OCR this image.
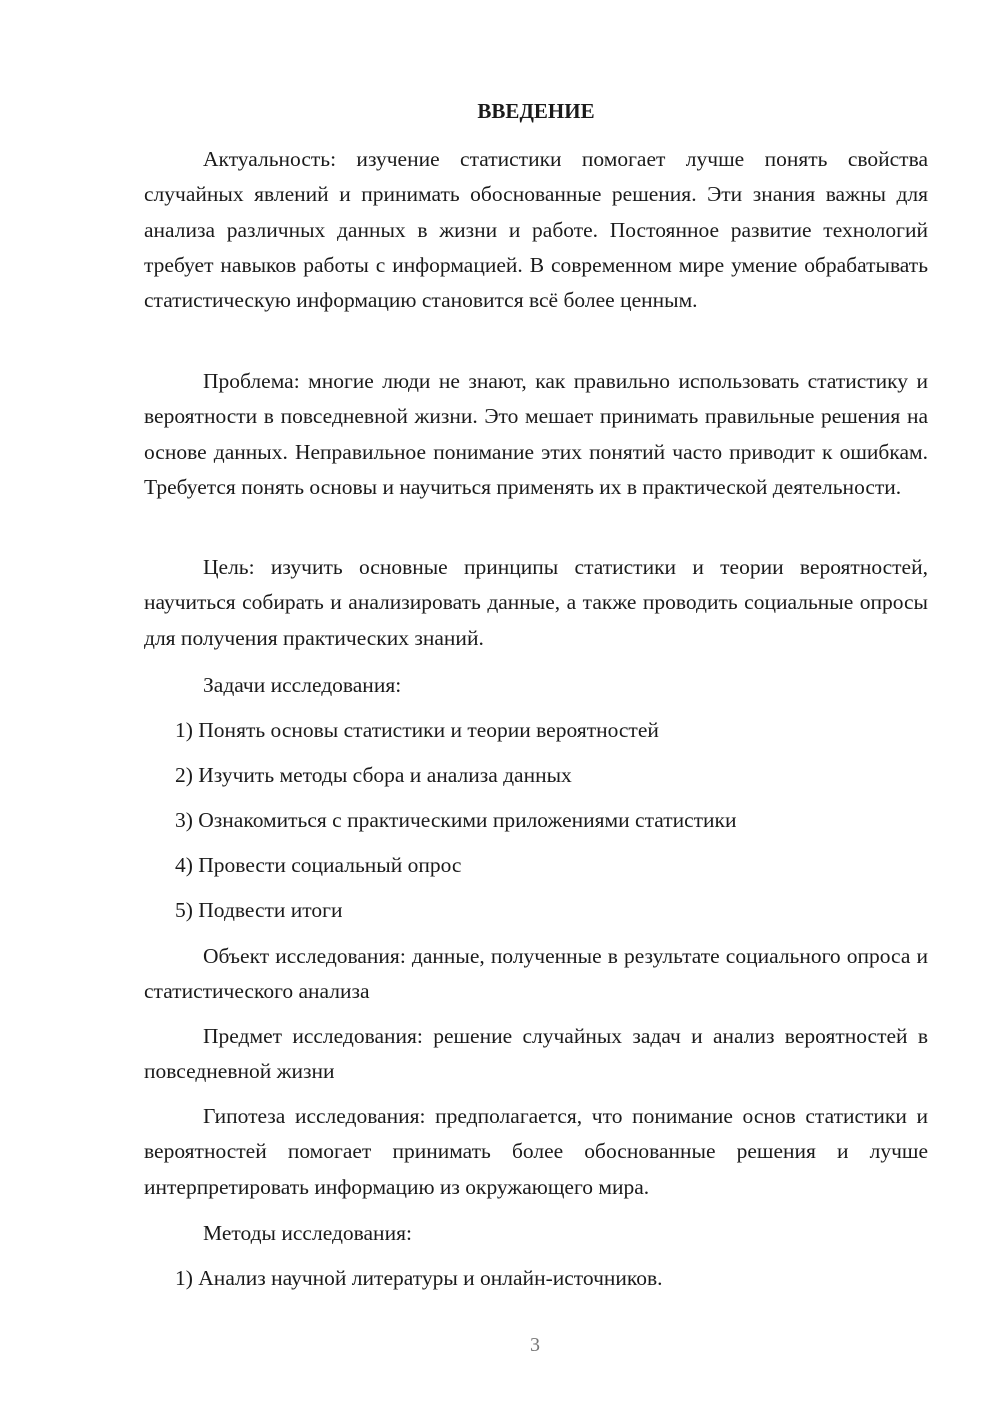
ВВЕДЕНИЕ

Актуальность: изучение статистики помогает лучше понять свойства случайных явлений и принимать обоснованные решения. Эти знания важны для анализа различных данных в жизни и работе. Постоянное развитие технологий требует навыков работы с информацией. В современном мире умение обрабатывать статистическую информацию становится всё более ценным.

Проблема: многие люди не знают, как правильно использовать статистику и вероятности в повседневной жизни. Это мешает принимать правильные решения на основе данных. Неправильное понимание этих понятий часто приводит к ошибкам. Требуется понять основы и научиться применять их в практической деятельности.

Цель: изучить основные принципы статистики и теории вероятностей, научиться собирать и анализировать данные, а также проводить социальные опросы для получения практических знаний.

Задачи исследования:

1) Понять основы статистики и теории вероятностей

2) Изучить методы сбора и анализа данных

3) Ознакомиться с практическими приложениями статистики

4) Провести социальный опрос

5) Подвести итоги

Объект исследования: данные, полученные в результате социального опроса и статистического анализа

Предмет исследования: решение случайных задач и анализ вероятностей в повседневной жизни

Гипотеза исследования: предполагается, что понимание основ статистики и вероятностей помогает принимать более обоснованные решения и лучше интерпретировать информацию из окружающего мира.

Методы исследования:

1) Анализ научной литературы и онлайн-источников.

3
